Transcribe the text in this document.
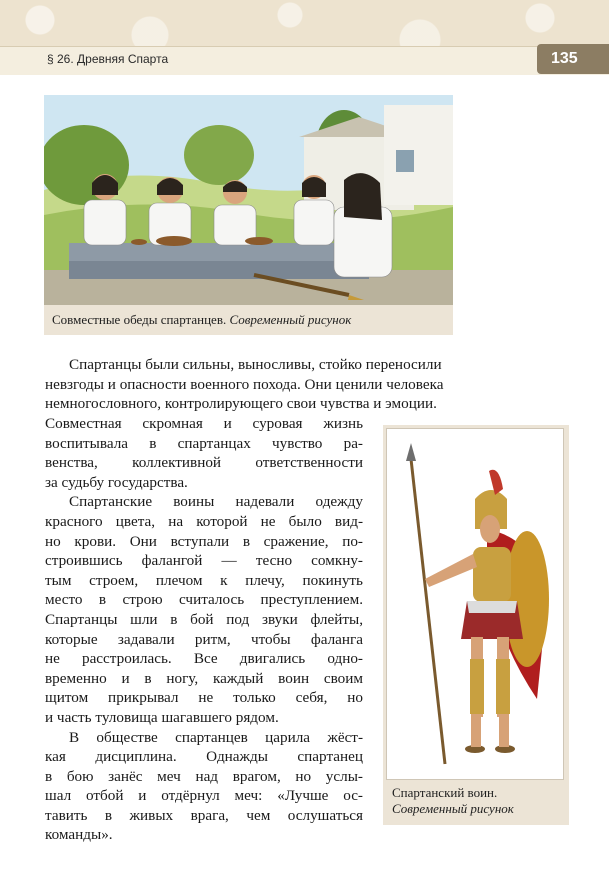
§ 26. Древняя Спарта	135
Совместные обеды спартанцев. Современный рисунок
Спартанцы были сильны, выносливы, стойко переносили
невзгоды и опасности военного похода. Они ценили человека
немногословного, контролирующего свои чувства и эмоции.
Совместная скромная и суровая жизнь
воспитывала в спартанцах чувство ра-
венства, коллективной ответственности
за судьбу государства.
Спартанские воины надевали одежду
красного цвета, на которой не было вид-
но крови. Они вступали в сражение, по-
строившись фалангой — тесно сомкну-
тым строем, плечом к плечу, покинуть
место в строю считалось преступлением.
Спартанцы шли в бой под звуки флейты,
которые задавали ритм, чтобы фаланга
не расстроилась. Все двигались одно-
временно и в ногу, каждый воин своим
щитом прикрывал не только себя, но
и часть туловища шагавшего рядом.
В обществе спартанцев царила жёст-
кая дисциплина. Однажды спартанец
в бою занёс меч над врагом, но услы-
шал отбой и отдёрнул меч: «Лучше ос-
тавить в живых врага, чем ослушаться
команды».
Спартанский воин.
Современный рисунок
